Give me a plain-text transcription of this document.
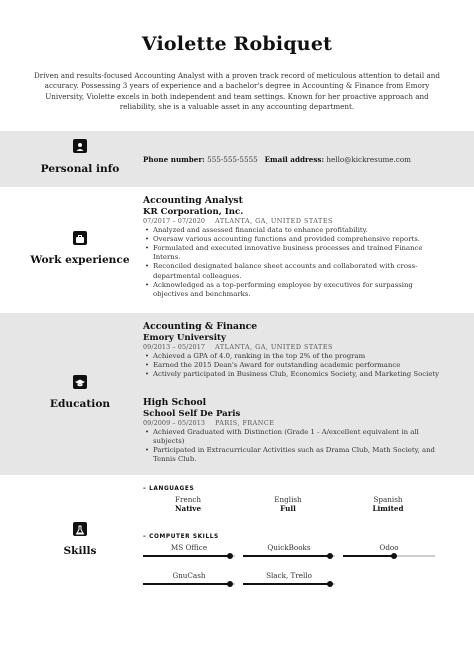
Violette Robiquet
Driven and results-focused Accounting Analyst with a proven track record of meticulous attention to detail and accuracy. Possessing 3 years of experience and a bachelor's degree in Accounting & Finance from Emory University, Violette excels in both independent and team settings. Known for her proactive approach and reliability, she is a valuable asset in any accounting department.
Personal info
Phone number: 555-555-5555 Email address: hello@kickresume.com
Work experience
Accounting Analyst
KR Corporation, Inc.
07/2017 – 07/2020 ATLANTA, GA, UNITED STATES
• Analyzed and assessed financial data to enhance profitability.
• Oversaw various accounting functions and provided comprehensive reports.
• Formulated and executed innovative business processes and trained Finance Interns.
• Reconciled designated balance sheet accounts and collaborated with cross-departmental colleagues.
• Acknowledged as a top-performing employee by executives for surpassing objectives and benchmarks.
Education
Accounting & Finance
Emory University
09/2013 – 05/2017 ATLANTA, GA, UNITED STATES
• Achieved a GPA of 4.0, ranking in the top 2% of the program
• Earned the 2015 Dean's Award for outstanding academic performance
• Actively participated in Business Club, Economics Society, and Marketing Society
High School
School Self De Paris
09/2009 – 05/2013 PARIS, FRANCE
• Achieved Graduated with Distinction (Grade 1 - A/excellent equivalent in all subjects)
• Participated in Extracurricular Activities such as Drama Club, Math Society, and Tennis Club.
Skills
– LANGUAGES
French
Native
English
Full
Spanish
Limited
– COMPUTER SKILLS
MS Office	QuickBooks	Odoo
GnuCash	Slack, Trello
